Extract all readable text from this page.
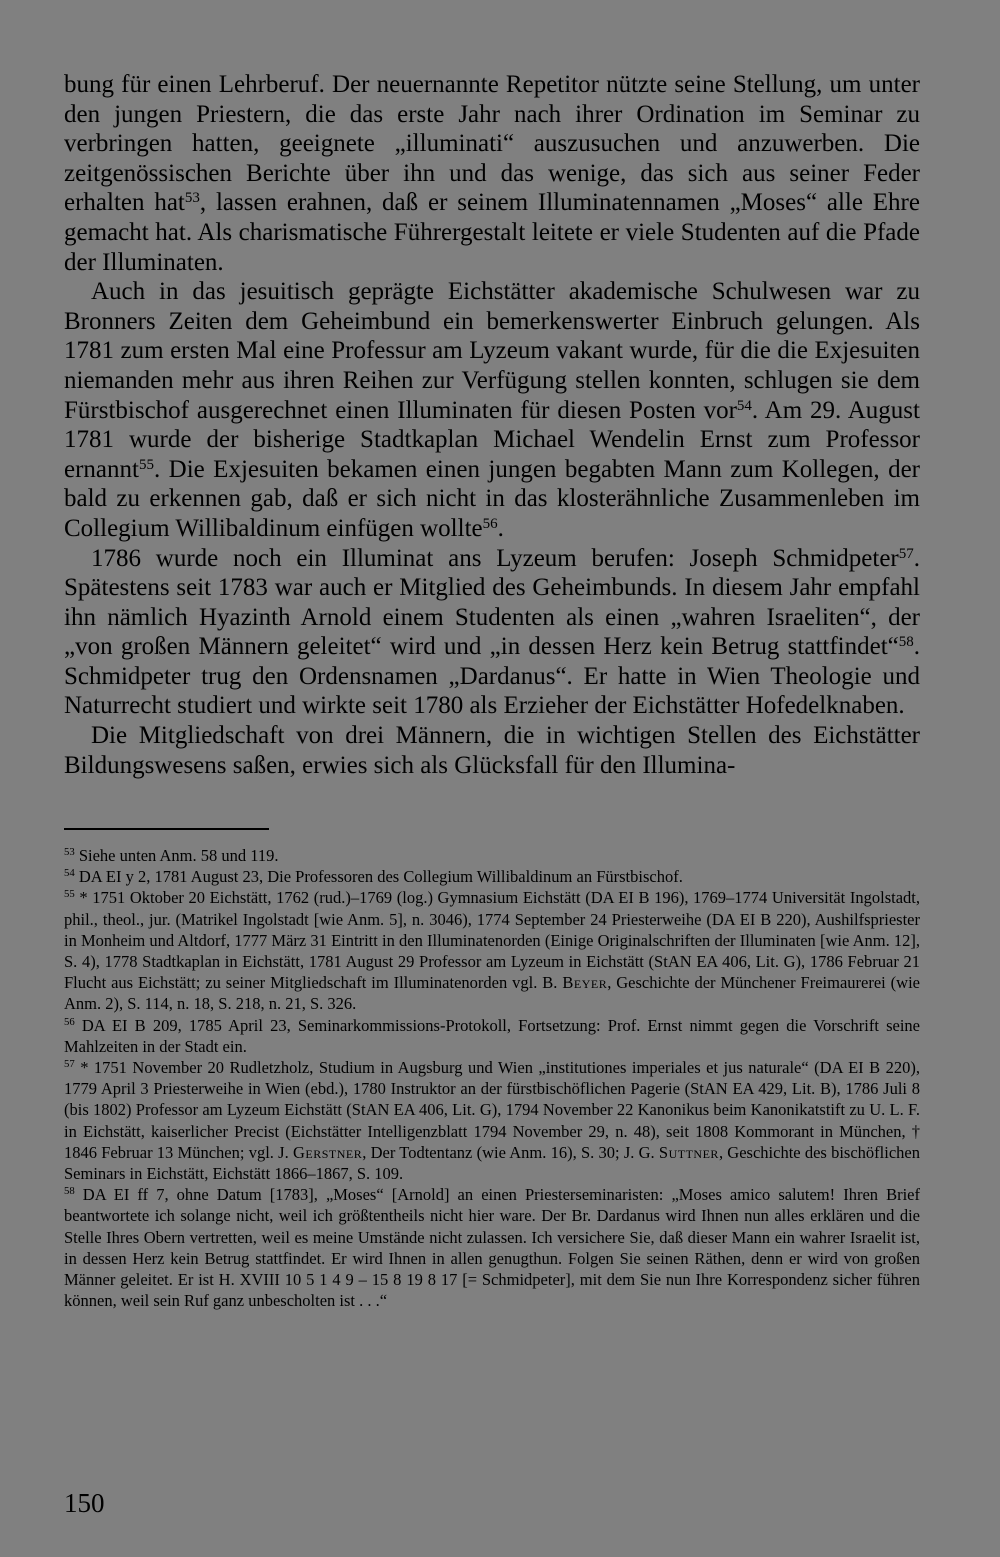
bung für einen Lehrberuf. Der neuernannte Repetitor nützte seine Stellung, um unter den jungen Priestern, die das erste Jahr nach ihrer Ordination im Seminar zu verbringen hatten, geeignete „illuminati“ auszusuchen und anzuwerben. Die zeitgenössischen Berichte über ihn und das wenige, das sich aus seiner Feder erhalten hat$^{53}$, lassen erahnen, daß er seinem Illuminatennamen „Moses“ alle Ehre gemacht hat. Als charismatische Führergestalt leitete er viele Studenten auf die Pfade der Illuminaten.

Auch in das jesuitisch geprägte Eichstätter akademische Schulwesen war zu Bronners Zeiten dem Geheimbund ein bemerkenswerter Einbruch gelungen. Als 1781 zum ersten Mal eine Professur am Lyzeum vakant wurde, für die die Exjesuiten niemanden mehr aus ihren Reihen zur Verfügung stellen konnten, schlugen sie dem Fürstbischof ausgerechnet einen Illuminaten für diesen Posten vor$^{54}$. Am 29. August 1781 wurde der bisherige Stadtkaplan Michael Wendelin Ernst zum Professor ernannt$^{55}$. Die Exjesuiten bekamen einen jungen begabten Mann zum Kollegen, der bald zu erkennen gab, daß er sich nicht in das klosterähnliche Zusammenleben im Collegium Willibaldinum einfügen wollte$^{56}$.

1786 wurde noch ein Illuminat ans Lyzeum berufen: Joseph Schmidpeter$^{57}$. Spätestens seit 1783 war auch er Mitglied des Geheimbunds. In diesem Jahr empfahl ihn nämlich Hyazinth Arnold einem Studenten als einen „wahren Israeliten“, der „von großen Männern geleitet“ wird und „in dessen Herz kein Betrug stattfindet“$^{58}$. Schmidpeter trug den Ordensnamen „Dardanus“. Er hatte in Wien Theologie und Naturrecht studiert und wirkte seit 1780 als Erzieher der Eichstätter Hofedelknaben.

Die Mitgliedschaft von drei Männern, die in wichtigen Stellen des Eichstätter Bildungswesens saßen, erwies sich als Glücksfall für den Illumina-

$^{53}$ Siehe unten Anm. 58 und 119.

$^{54}$ DA EI y 2, 1781 August 23, Die Professoren des Collegium Willibaldinum an Fürstbischof.

$^{55}$ * 1751 Oktober 20 Eichstätt, 1762 (rud.)–1769 (log.) Gymnasium Eichstätt (DA EI B 196), 1769–1774 Universität Ingolstadt, phil., theol., jur. (Matrikel Ingolstadt [wie Anm. 5], n. 3046), 1774 September 24 Priesterweihe (DA EI B 220), Aushilfspriester in Monheim und Altdorf, 1777 März 31 Eintritt in den Illuminatenorden (Einige Originalschriften der Illuminaten [wie Anm. 12], S. 4), 1778 Stadtkaplan in Eichstätt, 1781 August 29 Professor am Lyzeum in Eichstätt (StAN EA 406, Lit. G), 1786 Februar 21 Flucht aus Eichstätt; zu seiner Mitgliedschaft im Illuminatenorden vgl. B. Beyer, Geschichte der Münchener Freimaurerei (wie Anm. 2), S. 114, n. 18, S. 218, n. 21, S. 326.

$^{56}$ DA EI B 209, 1785 April 23, Seminarkommissions-Protokoll, Fortsetzung: Prof. Ernst nimmt gegen die Vorschrift seine Mahlzeiten in der Stadt ein.

$^{57}$ * 1751 November 20 Rudletzholz, Studium in Augsburg und Wien „institutiones imperiales et jus naturale“ (DA EI B 220), 1779 April 3 Priesterweihe in Wien (ebd.), 1780 Instruktor an der fürstbischöflichen Pagerie (StAN EA 429, Lit. B), 1786 Juli 8 (bis 1802) Professor am Lyzeum Eichstätt (StAN EA 406, Lit. G), 1794 November 22 Kanonikus beim Kanonikatstift zu U. L. F. in Eichstätt, kaiserlicher Precist (Eichstätter Intelligenzblatt 1794 November 29, n. 48), seit 1808 Kommorant in München, † 1846 Februar 13 München; vgl. J. Gerstner, Der Todtentanz (wie Anm. 16), S. 30; J. G. Suttner, Geschichte des bischöflichen Seminars in Eichstätt, Eichstätt 1866–1867, S. 109.

$^{58}$ DA EI ff 7, ohne Datum [1783], „Moses“ [Arnold] an einen Priesterseminaristen: „Moses amico salutem! Ihren Brief beantwortete ich solange nicht, weil ich größtentheils nicht hier ware. Der Br. Dardanus wird Ihnen nun alles erklären und die Stelle Ihres Obern vertretten, weil es meine Umstände nicht zulassen. Ich versichere Sie, daß dieser Mann ein wahrer Israelit ist, in dessen Herz kein Betrug stattfindet. Er wird Ihnen in allen genugthun. Folgen Sie seinen Räthen, denn er wird von großen Männer geleitet. Er ist H. XVIII 10 5 1 4 9 – 15 8 19 8 17 [= Schmidpeter], mit dem Sie nun Ihre Korrespondenz sicher führen können, weil sein Ruf ganz unbescholten ist . . .“

150
